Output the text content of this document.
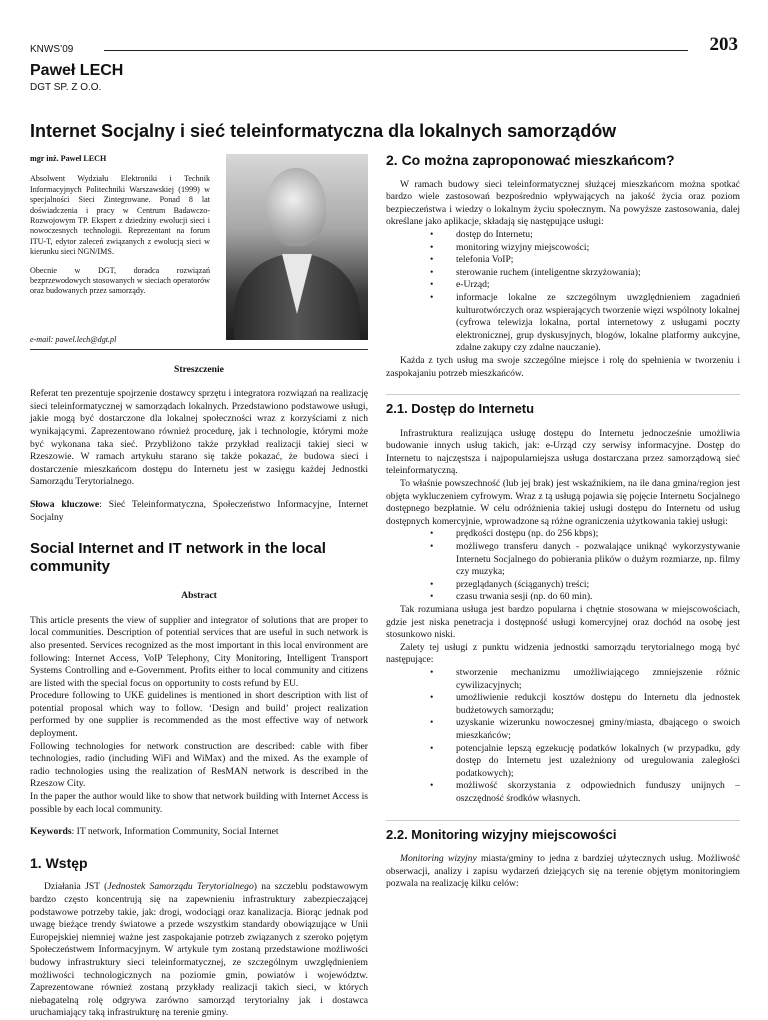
KNWS’09	203
Paweł LECH
DGT SP. Z O.O.
Internet Socjalny i sieć teleinformatyczna dla lokalnych samorządów
mgr inż. Paweł LECH
Absolwent Wydziału Elektroniki i Technik Informacyjnych Politechniki Warszawskiej (1999) w specjalności Sieci Zintegrowane. Ponad 8 lat doświadczenia i pracy w Centrum Badawczo-Rozwojowym TP. Ekspert z dziedziny ewolucji sieci i nowoczesnych technologii. Reprezentant na forum ITU-T, edytor zaleceń związanych z ewolucją sieci w kierunku sieci NGN/IMS.
Obecnie w DGT, doradca rozwiązań bezprzewodowych stosowanych w sieciach operatorów oraz budowanych przez samorządy.
e-mail: pawel.lech@dgt.pl
Streszczenie
Referat ten prezentuje spojrzenie dostawcy sprzętu i integratora rozwiązań na realizację sieci teleinformatycznej w samorządach lokalnych. Przedstawiono podstawowe usługi, jakie mogą być dostarczone dla lokalnej społeczności wraz z korzyściami z nich wynikającymi. Zaprezentowano również procedurę, jak i technologie, którymi może być wykonana taka sieć. Przybliżono także przykład realizacji takiej sieci w Rzeszowie. W ramach artykułu starano się także pokazać, że budowa sieci i dostarczenie mieszkańcom dostępu do Internetu jest w zasięgu każdej Jednostki Samorządu Terytorialnego.
Słowa kluczowe: Sieć Teleinformatyczna, Społeczeństwo Informacyjne, Internet Socjalny
Social Internet and IT network in the local community
Abstract
This article presents the view of supplier and integrator of solutions that are proper to local communities. Description of potential services that are useful in such network is also presented. Services recognized as the most important in this local environment are following: Internet Access, VoIP Telephony, City Monitoring, Intelligent Transport Systems Controlling and e-Government. Profits either to local community and citizens are listed with the special focus on opportunity to costs refund by EU.
Procedure following to UKE guidelines is mentioned in short description with list of potential proposal which way to follow. ‘Design and build’ project realization performed by one supplier is recommended as the most effective way of network deployment.
Following technologies for network construction are described: cable with fiber technologies, radio (including WiFi and WiMax) and the mixed. As the example of radio technologies using the realization of ResMAN network is described in the Rzeszow City.
In the paper the author would like to show that network building with Internet Access is possible by each local community.
Keywords: IT network, Information Community, Social Internet
1. Wstęp
Działania JST (Jednostek Samorządu Terytorialnego) na szczeblu podstawowym bardzo często koncentrują się na zapewnieniu infrastruktury zabezpieczającej podstawowe potrzeby takie, jak: drogi, wodociągi oraz kanalizacja. Biorąc jednak pod uwagę bieżące trendy światowe a przede wszystkim standardy obowiązujące w Unii Europejskiej niemniej ważne jest zaspokajanie potrzeb związanych z szeroko pojętym Społeczeństwem Informacyjnym. W artykule tym zostaną przedstawione możliwości budowy infrastruktury sieci teleinformatycznej, ze szczególnym uwzględnieniem możliwości technologicznych na poziomie gmin, powiatów i województw. Zaprezentowane również zostaną przykłady realizacji takich sieci, w których niebagatelną rolę odgrywa zarówno samorząd terytorialny jak i dostawca uruchamiający taką infrastrukturę na terenie gminy.
2. Co można zaproponować mieszkańcom?
W ramach budowy sieci teleinformatycznej służącej mieszkańcom można spotkać bardzo wiele zastosowań bezpośrednio wpływających na jakość życia oraz poziom bezpieczeństwa i wiedzy o lokalnym życiu społecznym. Na powyższe zastosowania, dalej określane jako aplikacje, składają się następujące usługi:
• dostęp do Internetu;
• monitoring wizyjny miejscowości;
• telefonia VoIP;
• sterowanie ruchem (inteligentne skrzyżowania);
• e-Urząd;
• informacje lokalne ze szczególnym uwzględnieniem zagadnień kulturotwórczych oraz wspierających tworzenie więzi wspólnoty lokalnej (cyfrowa telewizja lokalna, portal internetowy z usługami poczty elektronicznej, grup dyskusyjnych, blogów, lokalne platformy aukcyjne, zdalne zakupy czy zdalne nauczanie).
Każda z tych usług ma swoje szczególne miejsce i rolę do spełnienia w tworzeniu i zaspokajaniu potrzeb mieszkańców.
2.1. Dostęp do Internetu
Infrastruktura realizująca usługę dostępu do Internetu jednocześnie umożliwia budowanie innych usług takich, jak: e-Urząd czy serwisy informacyjne. Dostęp do Internetu to najczęstsza i najpopularniejsza usługa dostarczana przez samorządową sieć teleinformatyczną.
To właśnie powszechność (lub jej brak) jest wskaźnikiem, na ile dana gmina/region jest objęta wykluczeniem cyfrowym. Wraz z tą usługą pojawia się pojęcie Internetu Socjalnego dostępnego bezpłatnie. W celu odróżnienia takiej usługi dostępu do Internetu od usług dostępnych komercyjnie, wprowadzone są różne ograniczenia użytkowania takiej usługi:
• prędkości dostępu (np. do 256 kbps);
• możliwego transferu danych - pozwalające uniknąć wykorzystywanie Internetu Socjalnego do pobierania plików o dużym rozmiarze, np. filmy czy muzyka;
• przeglądanych (ściąganych) treści;
• czasu trwania sesji (np. do 60 min).
Tak rozumiana usługa jest bardzo popularna i chętnie stosowana w miejscowościach, gdzie jest niska penetracja i dostępność usługi komercyjnej oraz dochód na osobę jest stosunkowo niski.
Zalety tej usługi z punktu widzenia jednostki samorządu terytorialnego mogą być następujące:
• stworzenie mechanizmu umożliwiającego zmniejszenie różnic cywilizacyjnych;
• umożliwienie redukcji kosztów dostępu do Internetu dla jednostek budżetowych samorządu;
• uzyskanie wizerunku nowoczesnej gminy/miasta, dbającego o swoich mieszkańców;
• potencjalnie lepszą egzekucję podatków lokalnych (w przypadku, gdy dostęp do Internetu jest uzależniony od uregulowania zaległości podatkowych);
• możliwość skorzystania z odpowiednich funduszy unijnych – oszczędność środków własnych.
2.2. Monitoring wizyjny miejscowości
Monitoring wizyjny miasta/gminy to jedna z bardziej użytecznych usług. Możliwość obserwacji, analizy i zapisu wydarzeń dziejących się na terenie objętym monitoringiem pozwala na realizację kilku celów:
